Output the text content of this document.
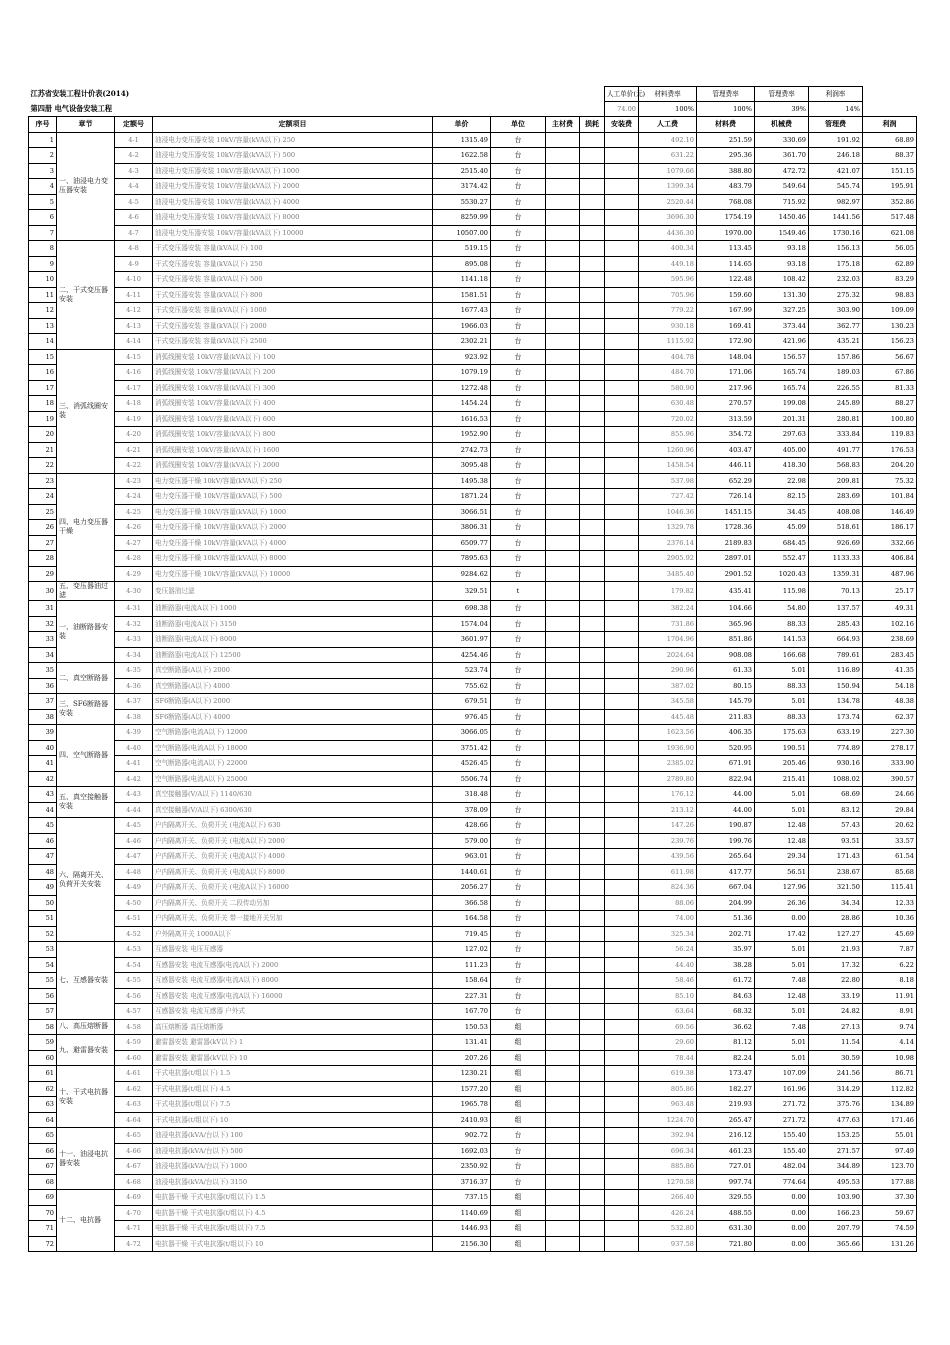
江苏省安装工程计价表(2014)								人工单价(元)	材料费率	管理费率	管理费率	利润率	
第四册 电气设备安装工程								74.00	100%	100%	39%	14%	
序号	章节	定额号	定额项目	单价	单位	主材费	损耗	安装费	人工费	材料费	机械费	管理费	利润
1	一、油浸电力变压器安装	4-1	油浸电力变压器安装 10kV/容量(kVA以下) 250	1315.49	台				492.10	251.59	330.69	191.92	68.89
2		4-2	油浸电力变压器安装 10kV/容量(kVA以下) 500	1622.58	台				631.22	295.36	361.70	246.18	88.37
3		4-3	油浸电力变压器安装 10kV/容量(kVA以下) 1000	2515.40	台				1079.66	388.80	472.72	421.07	151.15
4		4-4	油浸电力变压器安装 10kV/容量(kVA以下) 2000	3174.42	台				1399.34	483.79	549.64	545.74	195.91
5		4-5	油浸电力变压器安装 10kV/容量(kVA以下) 4000	5530.27	台				2520.44	768.08	715.92	982.97	352.86
6		4-6	油浸电力变压器安装 10kV/容量(kVA以下) 8000	8259.99	台				3696.30	1754.19	1450.46	1441.56	517.48
7		4-7	油浸电力变压器安装 10kV/容量(kVA以下) 10000	10507.00	台				4436.30	1970.00	1549.46	1730.16	621.08
8	二、干式变压器安装	4-8	干式变压器安装 容量(kVA以下) 100	519.15	台				400.34	113.45	93.18	156.13	56.05
9		4-9	干式变压器安装 容量(kVA以下) 250	895.08	台				449.18	114.65	93.18	175.18	62.89
10		4-10	干式变压器安装 容量(kVA以下) 500	1141.18	台				595.96	122.48	108.42	232.03	83.29
11		4-11	干式变压器安装 容量(kVA以下) 800	1581.51	台				705.96	159.60	131.30	275.32	98.83
12		4-12	干式变压器安装 容量(kVA以下) 1000	1677.43	台				779.22	167.99	327.25	303.90	109.09
13		4-13	干式变压器安装 容量(kVA以下) 2000	1966.03	台				930.18	169.41	373.44	362.77	130.23
14		4-14	干式变压器安装 容量(kVA以下) 2500	2302.21	台				1115.92	172.90	421.96	435.21	156.23
15	三、消弧线圈安装	4-15	消弧线圈安装 10kV/容量(kVA以下) 100	923.92	台				404.78	148.04	156.57	157.86	56.67
16		4-16	消弧线圈安装 10kV/容量(kVA以下) 200	1079.19	台				484.70	171.06	165.74	189.03	67.86
17		4-17	消弧线圈安装 10kV/容量(kVA以下) 300	1272.48	台				580.90	217.96	165.74	226.55	81.33
18		4-18	消弧线圈安装 10kV/容量(kVA以下) 400	1454.24	台				630.48	270.57	199.08	245.89	88.27
19		4-19	消弧线圈安装 10kV/容量(kVA以下) 600	1616.53	台				720.02	313.59	201.31	280.81	100.80
20		4-20	消弧线圈安装 10kV/容量(kVA以下) 800	1952.90	台				855.96	354.72	297.63	333.84	119.83
21		4-21	消弧线圈安装 10kV/容量(kVA以下) 1600	2742.73	台				1260.96	403.47	405.00	491.77	176.53
22		4-22	消弧线圈安装 10kV/容量(kVA以下) 2000	3095.48	台				1458.54	446.11	418.30	568.83	204.20
23	四、电力变压器干燥	4-23	电力变压器干燥 10kV/容量(kVA以下) 250	1495.38	台				537.98	652.29	22.98	209.81	75.32
24		4-24	电力变压器干燥 10kV/容量(kVA以下) 500	1871.24	台				727.42	726.14	82.15	283.69	101.84
25		4-25	电力变压器干燥 10kV/容量(kVA以下) 1000	3066.51	台				1046.36	1451.15	34.45	408.08	146.49
26		4-26	电力变压器干燥 10kV/容量(kVA以下) 2000	3806.31	台				1329.78	1728.36	45.09	518.61	186.17
27		4-27	电力变压器干燥 10kV/容量(kVA以下) 4000	6509.77	台				2376.14	2189.83	684.45	926.69	332.66
28		4-28	电力变压器干燥 10kV/容量(kVA以下) 8000	7895.63	台				2905.92	2897.01	552.47	1133.33	406.84
29		4-29	电力变压器干燥 10kV/容量(kVA以下) 10000	9284.62	台				3485.40	2901.52	1020.43	1359.31	487.96
30	五、变压器油过滤	4-30	变压器油过滤	329.51	t				179.82	435.41	115.98	70.13	25.17
31	一、油断路器安装	4-31	油断路器(电流A以下) 1000	698.38	台				382.24	104.66	54.80	137.57	49.31
32		4-32	油断路器(电流A以下) 3150	1574.04	台				731.86	365.96	88.33	285.43	102.16
33		4-33	油断路器(电流A以下) 8000	3601.97	台				1704.96	851.86	141.53	664.93	238.69
34		4-34	油断路器(电流A以下) 12500	4254.46	台				2024.64	908.08	166.68	789.61	283.45
35	二、真空断路器	4-35	真空断路器(A以下) 2000	523.74	台				290.96	61.33	5.01	116.89	41.35
36		4-36	真空断路器(A以下) 4000	755.62	台				387.02	80.15	88.33	150.94	54.18
37	三、SF6断路器安装	4-37	SF6断路器(A以下) 2000	679.51	台				345.58	145.79	5.01	134.78	48.38
38		4-38	SF6断路器(A以下) 4000	976.45	台				445.48	211.83	88.33	173.74	62.37
39	四、空气断路器	4-39	空气断路器(电流A以下) 12000	3066.05	台				1623.56	406.35	175.63	633.19	227.30
40		4-40	空气断路器(电流A以下) 18000	3751.42	台				1936.90	520.95	190.51	774.89	278.17
41		4-41	空气断路器(电流A以下) 22000	4526.45	台				2385.02	671.91	205.46	930.16	333.90
42		4-42	空气断路器(电流A以下) 25000	5506.74	台				2789.80	822.94	215.41	1088.02	390.57
43	五、真空接触器安装	4-43	真空接触器(V/A以下) 1140/630	318.48	台				176.12	44.00	5.01	68.69	24.66
44		4-44	真空接触器(V/A以下) 6300/630	378.09	台				213.12	44.00	5.01	83.12	29.84
45	六、隔离开关、负荷开关安装	4-45	户内隔离开关、负荷开关 (电流A以下) 630	428.66	台				147.26	190.87	12.48	57.43	20.62
46		4-46	户内隔离开关、负荷开关 (电流A以下) 2000	579.00	台				239.76	199.76	12.48	93.51	33.57
47		4-47	户内隔离开关、负荷开关 (电流A以下) 4000	963.01	台				439.56	265.64	29.34	171.43	61.54
48		4-48	户内隔离开关、负荷开关 (电流A以下) 8000	1440.61	台				611.98	417.77	56.51	238.67	85.68
49		4-49	户内隔离开关、负荷开关 (电流A以下) 16000	2056.27	台				824.36	667.04	127.96	321.50	115.41
50		4-50	户内隔离开关、负荷开关 二段传动另加	366.58	台				88.06	204.99	26.36	34.34	12.33
51		4-51	户内隔离开关、负荷开关 带一接地开关另加	164.58	台				74.00	51.36	0.00	28.86	10.36
52		4-52	户外隔离开关 1000A以下	719.45	台				325.34	202.71	17.42	127.27	45.69
53	七、互感器安装	4-53	互感器安装 电压互感器	127.02	台				56.24	35.97	5.01	21.93	7.87
54		4-54	互感器安装 电流互感器(电流A以下) 2000	111.23	台				44.40	38.28	5.01	17.32	6.22
55		4-55	互感器安装 电流互感器(电流A以下) 8000	158.64	台				58.46	61.72	7.48	22.80	8.18
56		4-56	互感器安装 电流互感器(电流A以下) 16000	227.31	台				85.10	84.63	12.48	33.19	11.91
57		4-57	互感器安装 电流互感器 户外式	167.70	台				63.64	68.32	5.01	24.82	8.91
58	八、高压熔断器	4-58	高压熔断器 高压熔断器	150.53	组				69.56	36.62	7.48	27.13	9.74
59	九、避雷器安装	4-59	避雷器安装 避雷器(kV以下) 1	131.41	组				29.60	81.12	5.01	11.54	4.14
60		4-60	避雷器安装 避雷器(kV以下) 10	207.26	组				78.44	82.24	5.01	30.59	10.98
61	十、干式电抗器安装	4-61	干式电抗器(t/组以下) 1.5	1230.21	组				619.38	173.47	107.09	241.56	86.71
62		4-62	干式电抗器(t/组以下) 4.5	1577.20	组				805.86	182.27	161.96	314.29	112.82
63		4-63	干式电抗器(t/组以下) 7.5	1965.78	组				963.48	219.93	271.72	375.76	134.89
64		4-64	干式电抗器(t/组以下) 10	2410.93	组				1224.70	265.47	271.72	477.63	171.46
65	十一、油浸电抗器安装	4-65	油浸电抗器(kVA/台以下) 100	902.72	台				392.94	216.12	155.40	153.25	55.01
66		4-66	油浸电抗器(kVA/台以下) 500	1692.03	台				696.34	461.23	155.40	271.57	97.49
67		4-67	油浸电抗器(kVA/台以下) 1000	2350.92	台				885.86	727.01	482.04	344.89	123.70
68		4-68	油浸电抗器(kVA/台以下) 3150	3716.37	台				1270.58	997.74	774.64	495.53	177.88
69	十二、电抗器	4-69	电抗器干燥 干式电抗器(t/组以下) 1.5	737.15	组				266.40	329.55	0.00	103.90	37.30
70		4-70	电抗器干燥 干式电抗器(t/组以下) 4.5	1140.69	组				426.24	488.55	0.00	166.23	59.67
71		4-71	电抗器干燥 干式电抗器(t/组以下) 7.5	1446.93	组				532.80	631.30	0.00	207.79	74.59
72		4-72	电抗器干燥 干式电抗器(t/组以下) 10	2156.30	组				937.58	721.80	0.00	365.66	131.26
